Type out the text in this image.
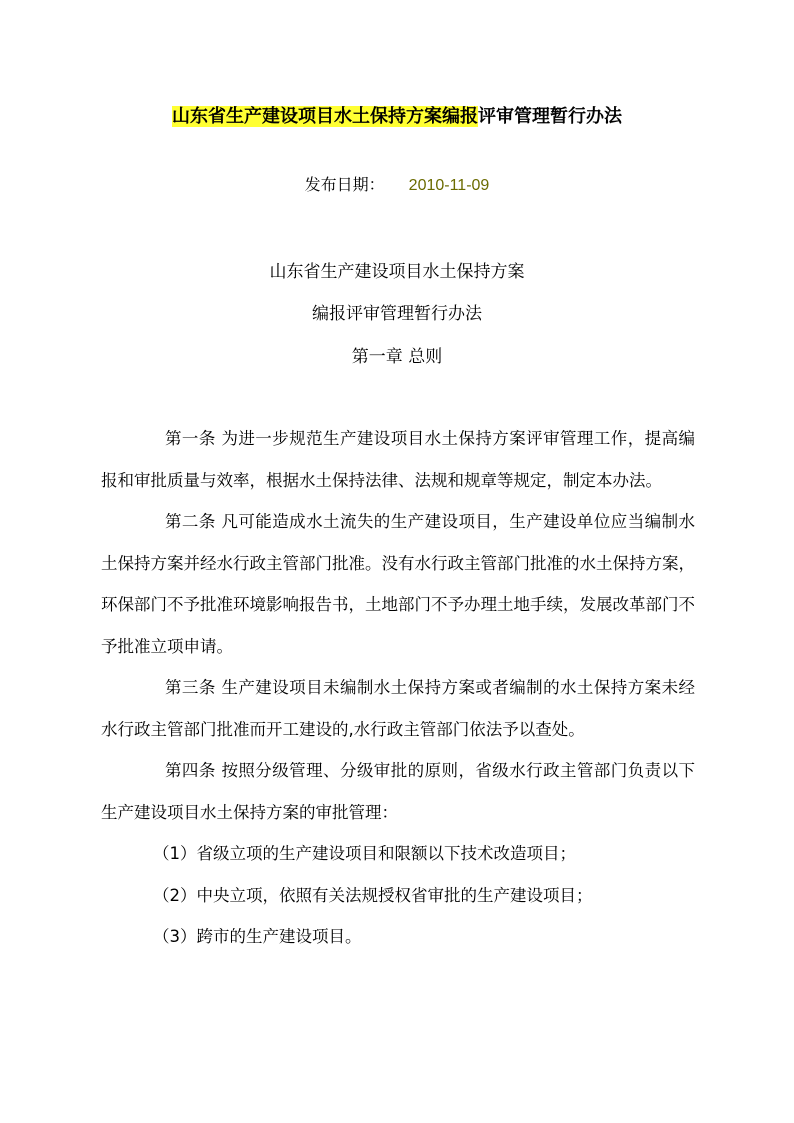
山东省生产建设项目水土保持方案编报评审管理暂行办法
发布日期： 2010-11-09
山东省生产建设项目水土保持方案
编报评审管理暂行办法
第一章 总则

第一条 为进一步规范生产建设项目水土保持方案评审管理工作，提高编报和审批质量与效率，根据水土保持法律、法规和规章等规定，制定本办法。

第二条 凡可能造成水土流失的生产建设项目，生产建设单位应当编制水土保持方案并经水行政主管部门批准。没有水行政主管部门批准的水土保持方案，环保部门不予批准环境影响报告书，土地部门不予办理土地手续，发展改革部门不予批准立项申请。

第三条 生产建设项目未编制水土保持方案或者编制的水土保持方案未经水行政主管部门批准而开工建设的,水行政主管部门依法予以查处。

第四条 按照分级管理、分级审批的原则，省级水行政主管部门负责以下生产建设项目水土保持方案的审批管理：

（1）省级立项的生产建设项目和限额以下技术改造项目；

（2）中央立项，依照有关法规授权省审批的生产建设项目；

（3）跨市的生产建设项目。
